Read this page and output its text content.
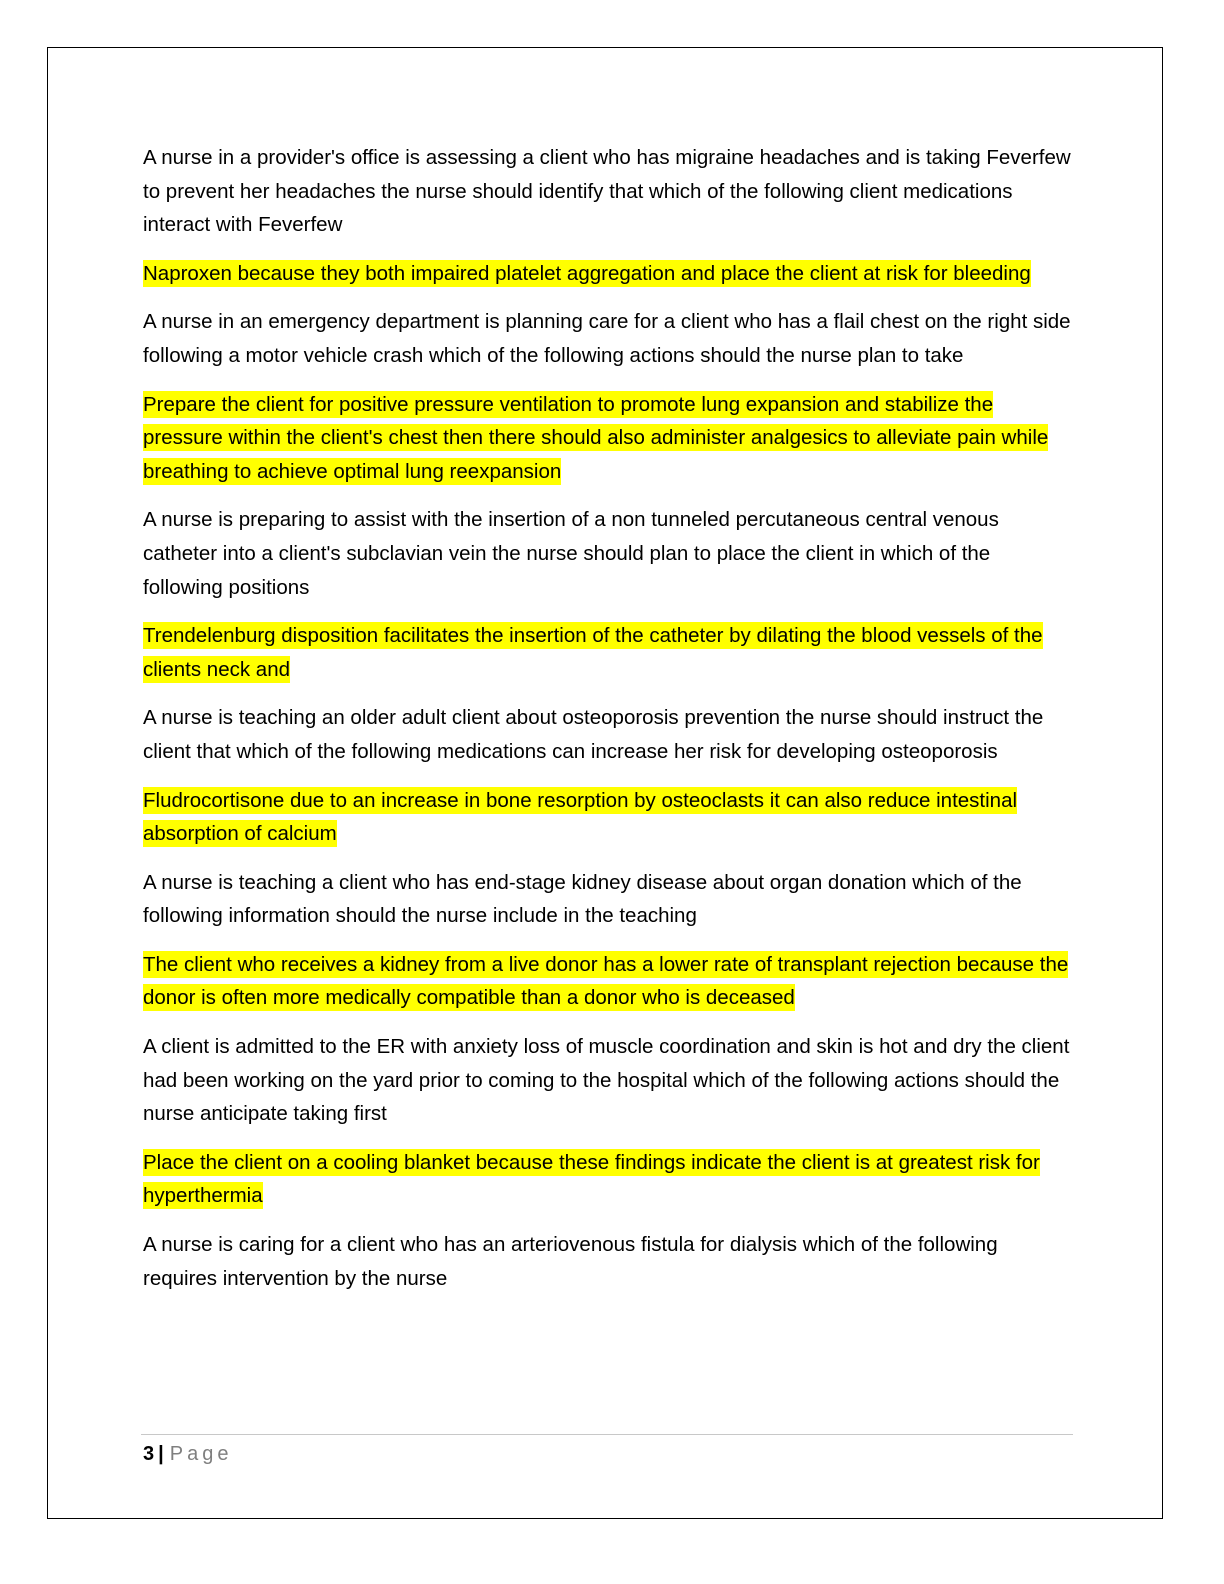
A nurse in a provider's office is assessing a client who has migraine headaches and is taking Feverfew to prevent her headaches the nurse should identify that which of the following client medications interact with Feverfew

Naproxen because they both impaired platelet aggregation and place the client at risk for bleeding

A nurse in an emergency department is planning care for a client who has a flail chest on the right side following a motor vehicle crash which of the following actions should the nurse plan to take

Prepare the client for positive pressure ventilation to promote lung expansion and stabilize the pressure within the client's chest then there should also administer analgesics to alleviate pain while breathing to achieve optimal lung reexpansion

A nurse is preparing to assist with the insertion of a non tunneled percutaneous central venous catheter into a client's subclavian vein the nurse should plan to place the client in which of the following positions

Trendelenburg disposition facilitates the insertion of the catheter by dilating the blood vessels of the clients neck and

A nurse is teaching an older adult client about osteoporosis prevention the nurse should instruct the client that which of the following medications can increase her risk for developing osteoporosis

Fludrocortisone due to an increase in bone resorption by osteoclasts it can also reduce intestinal absorption of calcium

A nurse is teaching a client who has end-stage kidney disease about organ donation which of the following information should the nurse include in the teaching

The client who receives a kidney from a live donor has a lower rate of transplant rejection because the donor is often more medically compatible than a donor who is deceased

A client is admitted to the ER with anxiety loss of muscle coordination and skin is hot and dry the client had been working on the yard prior to coming to the hospital which of the following actions should the nurse anticipate taking first

Place the client on a cooling blanket because these findings indicate the client is at greatest risk for hyperthermia

A nurse is caring for a client who has an arteriovenous fistula for dialysis which of the following requires intervention by the nurse

3 | Page
